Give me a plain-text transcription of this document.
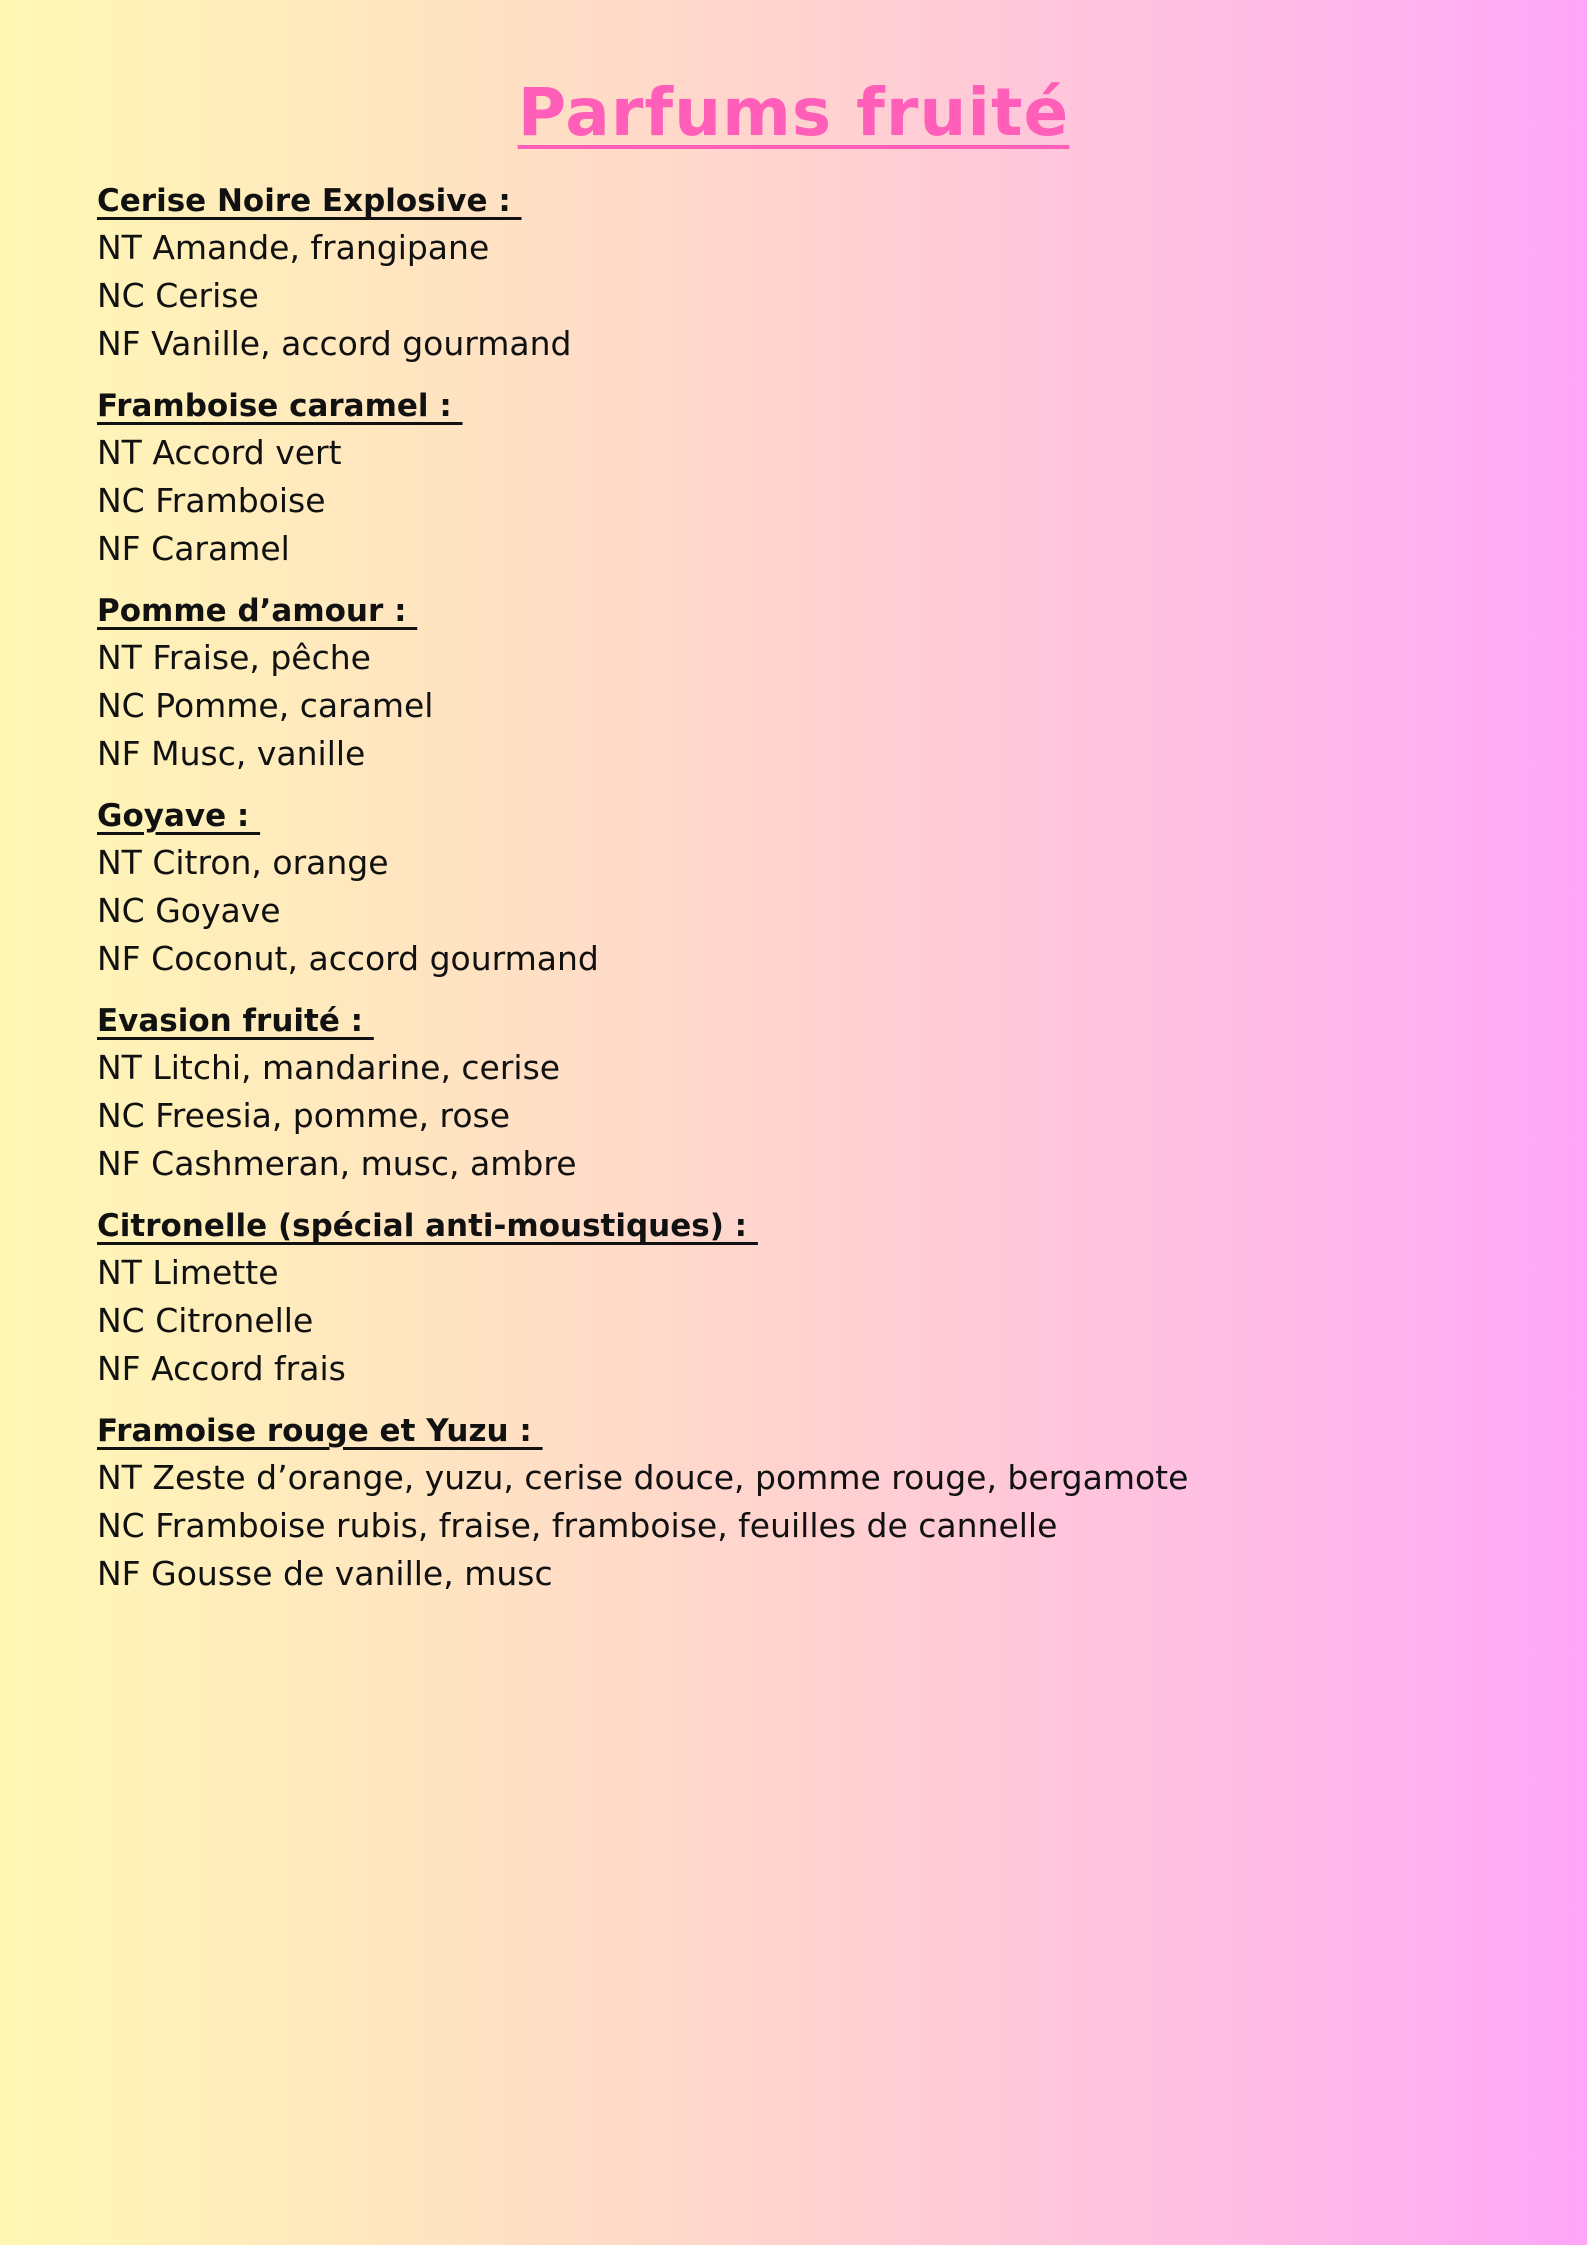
Parfums fruité
Cerise Noire Explosive :
NT Amande, frangipane
NC Cerise
NF Vanille, accord gourmand
Framboise caramel :
NT Accord vert
NC Framboise
NF Caramel
Pomme d’amour :
NT Fraise, pêche
NC Pomme, caramel
NF Musc, vanille
Goyave :
NT Citron, orange
NC Goyave
NF Coconut, accord gourmand
Evasion fruité :
NT Litchi, mandarine, cerise
NC Freesia, pomme, rose
NF Cashmeran, musc, ambre
Citronelle (spécial anti-moustiques) :
NT Limette
NC Citronelle
NF Accord frais
Framoise rouge et Yuzu :
NT Zeste d’orange, yuzu, cerise douce, pomme rouge, bergamote
NC Framboise rubis, fraise, framboise, feuilles de cannelle
NF Gousse de vanille, musc
